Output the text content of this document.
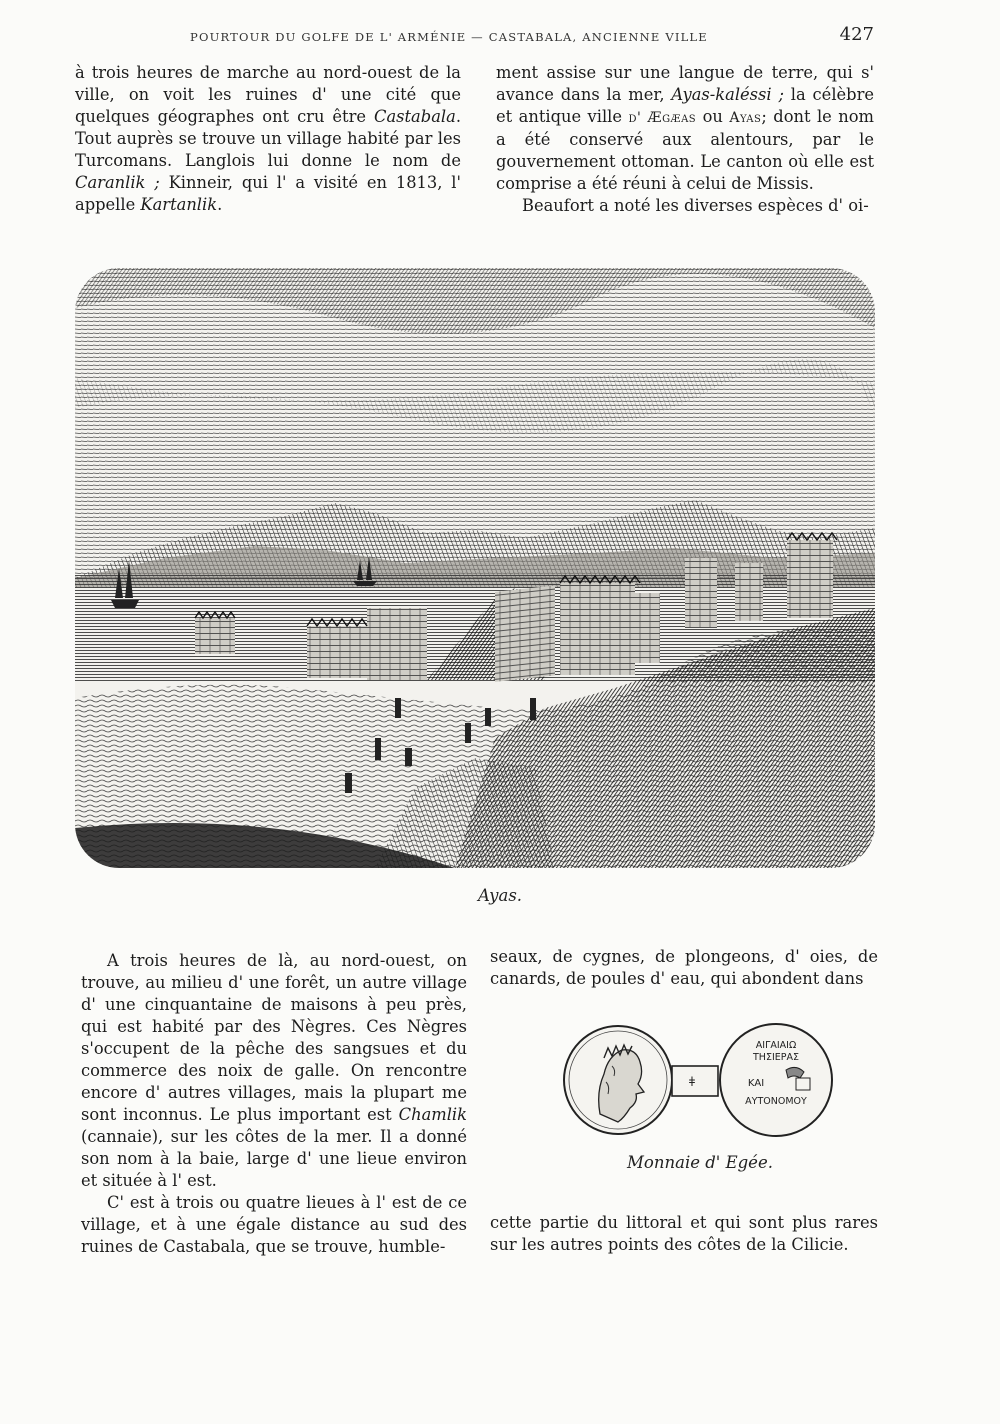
POURTOUR DU GOLFE DE L' ARMÉNIE — CASTABALA, ANCIENNE VILLE	427

à trois heures de marche au nord-ouest de la ville, on voit les ruines d' une cité que quelques géographes ont cru être Castabala. Tout auprès se trouve un village habité par les Turcomans. Langlois lui donne le nom de Caranlik ; Kinneir, qui l' a visité en 1813, l' appelle Kartanlik.

ment assise sur une langue de terre, qui s' avance dans la mer, Ayas-kaléssi ; la célèbre et antique ville d' Ægæas ou Ayas; dont le nom a été conservé aux alentours, par le gouvernement ottoman. Le canton où elle est comprise a été réuni à celui de Missis.

Beaufort a noté les diverses espèces d' oi-

Ayas.

A trois heures de là, au nord-ouest, on trouve, au milieu d' une forêt, un autre village d' une cinquantaine de maisons à peu près, qui est habité par des Nègres. Ces Nègres s'occupent de la pêche des sangsues et du commerce des noix de galle. On rencontre encore d' autres villages, mais la plupart me sont inconnus. Le plus important est Chamlik (cannaie), sur les côtes de la mer. Il a donné son nom à la baie, large d' une lieue environ et située à l' est.

C' est à trois ou quatre lieues à l' est de ce village, et à une égale distance au sud des ruines de Castabala, que se trouve, humble-

seaux, de cygnes, de plongeons, d' oies, de canards, de poules d' eau, qui abondent dans

ǂ
ΑΙΓΑΙΑΙΩ
ΤΗΣΙΕΡΑΣ
ΚΑΙ
ΑΥΤΟΝΟΜΟΥ
Monnaie d' Egée.

cette partie du littoral et qui sont plus rares sur les autres points des côtes de la Cilicie.
